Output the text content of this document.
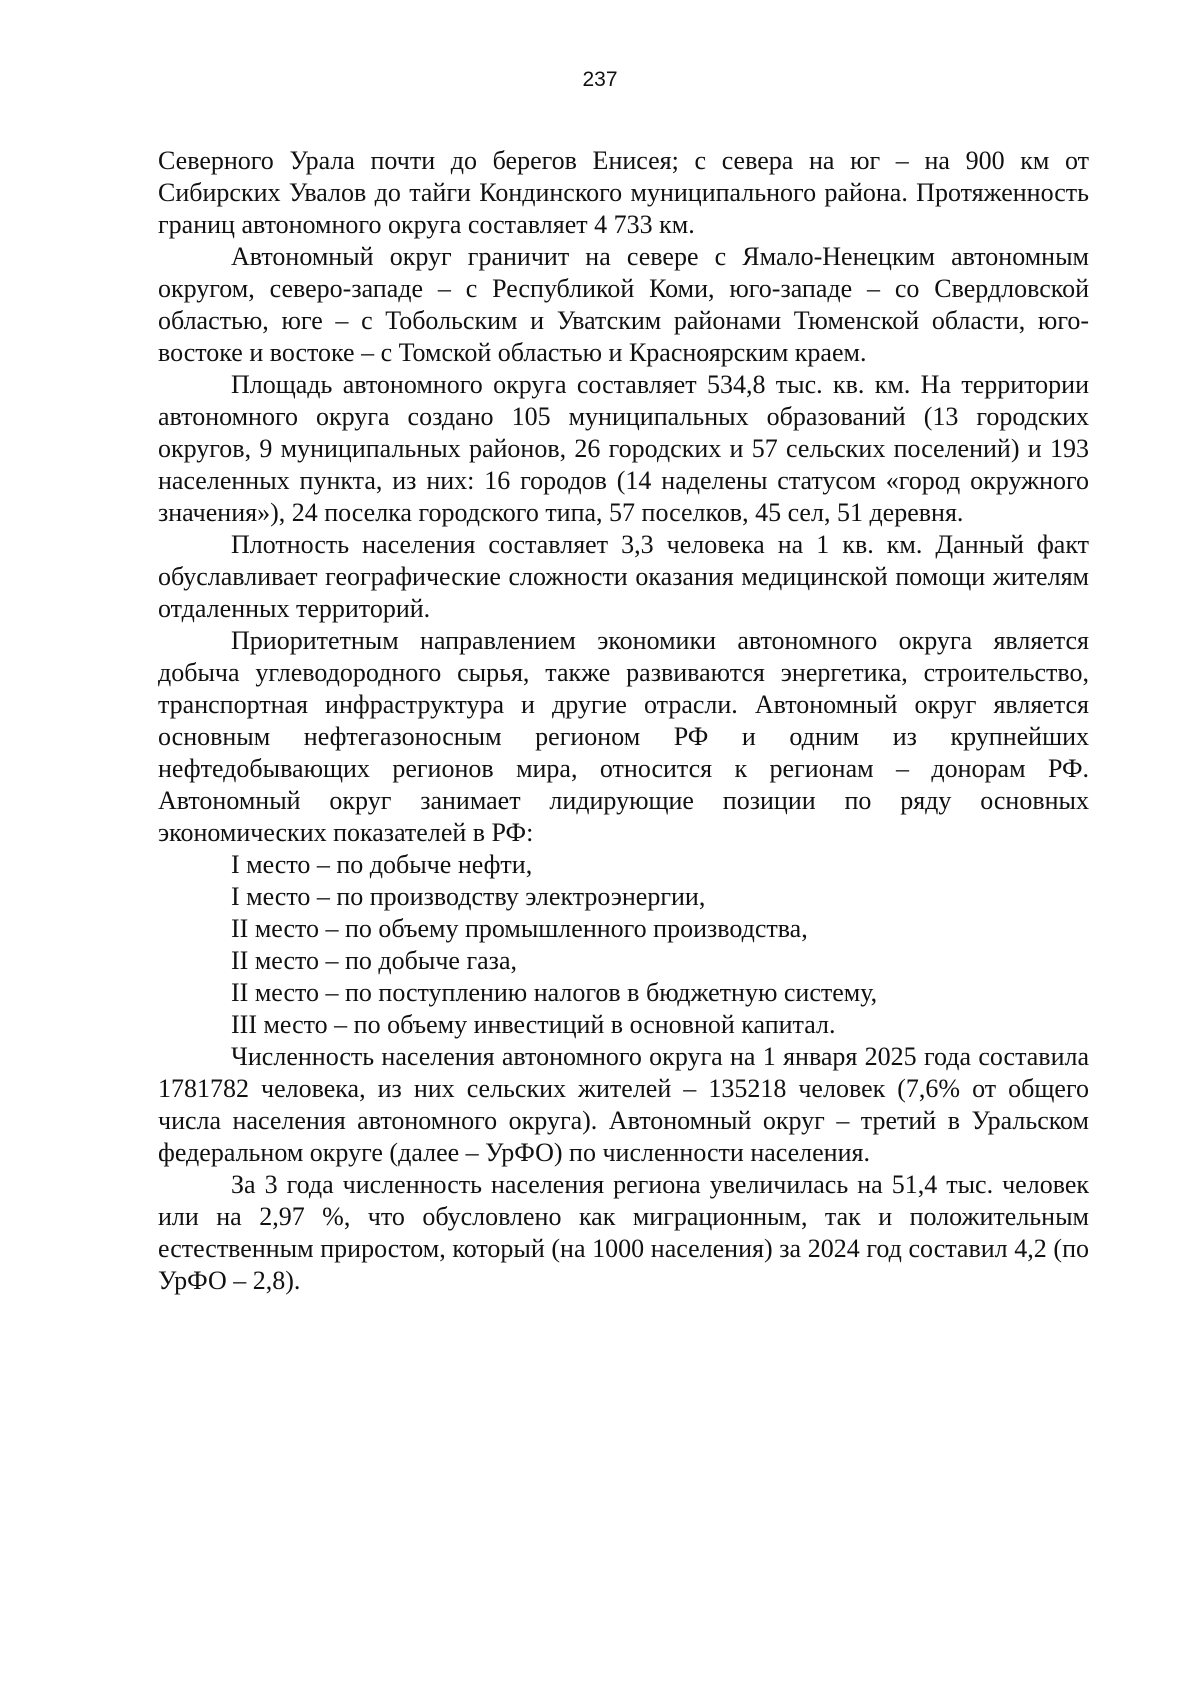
237

Северного Урала почти до берегов Енисея; с севера на юг – на 900 км от Сибирских Увалов до тайги Кондинского муниципального района. Протяженность границ автономного округа составляет 4 733 км.

Автономный округ граничит на севере с Ямало-Ненецким автономным округом, северо-западе – с Республикой Коми, юго-западе – со Свердловской областью, юге – с Тобольским и Уватским районами Тюменской области, юго-востоке и востоке – с Томской областью и Красноярским краем.

Площадь автономного округа составляет 534,8 тыс. кв. км. На территории автономного округа создано 105 муниципальных образований (13 городских округов, 9 муниципальных районов, 26 городских и 57 сельских поселений) и 193 населенных пункта, из них: 16 городов (14 наделены статусом «город окружного значения»), 24 поселка городского типа, 57 поселков, 45 сел, 51 деревня.

Плотность населения составляет 3,3 человека на 1 кв. км. Данный факт обуславливает географические сложности оказания медицинской помощи жителям отдаленных территорий.

Приоритетным направлением экономики автономного округа является добыча углеводородного сырья, также развиваются энергетика, строительство, транспортная инфраструктура и другие отрасли. Автономный округ является основным нефтегазоносным регионом РФ и одним из крупнейших нефтедобывающих регионов мира, относится к регионам – донорам РФ. Автономный округ занимает лидирующие позиции по ряду основных экономических показателей в РФ:

I место – по добыче нефти,

I место – по производству электроэнергии,

II место – по объему промышленного производства,

II место – по добыче газа,

II место – по поступлению налогов в бюджетную систему,

III место – по объему инвестиций в основной капитал.

Численность населения автономного округа на 1 января 2025 года составила 1781782 человека, из них сельских жителей – 135218 человек (7,6% от общего числа населения автономного округа). Автономный округ – третий в Уральском федеральном округе (далее – УрФО) по численности населения.

За 3 года численность населения региона увеличилась на 51,4 тыс. человек или на 2,97 %, что обусловлено как миграционным, так и положительным естественным приростом, который (на 1000 населения) за 2024 год составил 4,2 (по УрФО – 2,8).
